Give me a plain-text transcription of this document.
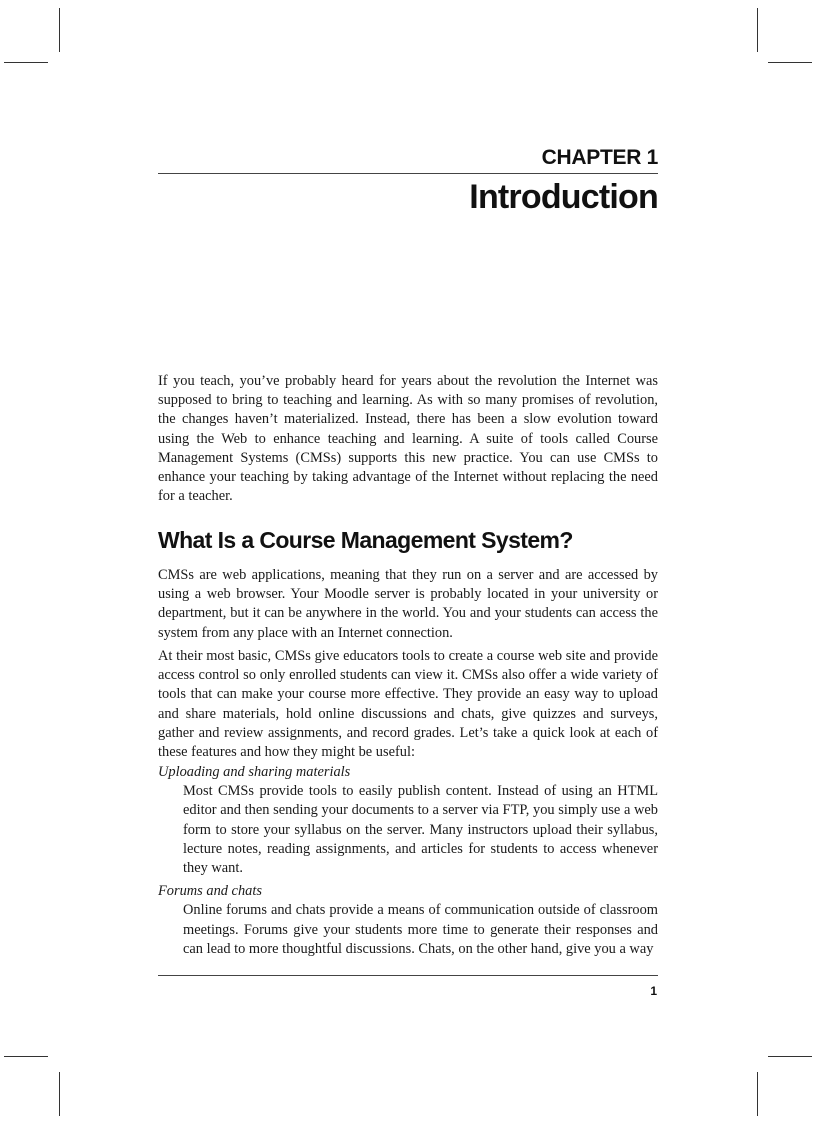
CHAPTER 1
Introduction

If you teach, you’ve probably heard for years about the revolution the Internet was supposed to bring to teaching and learning. As with so many promises of revolution, the changes haven’t materialized. Instead, there has been a slow evolution toward using the Web to enhance teaching and learning. A suite of tools called Course Management Systems (CMSs) supports this new practice. You can use CMSs to enhance your teaching by taking advantage of the Internet without replacing the need for a teacher.

What Is a Course Management System?

CMSs are web applications, meaning that they run on a server and are accessed by using a web browser. Your Moodle server is probably located in your university or department, but it can be anywhere in the world. You and your students can access the system from any place with an Internet connection.

At their most basic, CMSs give educators tools to create a course web site and provide access control so only enrolled students can view it. CMSs also offer a wide variety of tools that can make your course more effective. They provide an easy way to upload and share materials, hold online discussions and chats, give quizzes and surveys, gather and review assignments, and record grades. Let’s take a quick look at each of these features and how they might be useful:

Uploading and sharing materials

Most CMSs provide tools to easily publish content. Instead of using an HTML editor and then sending your documents to a server via FTP, you simply use a web form to store your syllabus on the server. Many instructors upload their syllabus, lecture notes, reading assignments, and articles for students to access whenever they want.

Forums and chats

Online forums and chats provide a means of communication outside of classroom meetings. Forums give your students more time to generate their responses and can lead to more thoughtful discussions. Chats, on the other hand, give you a way

1
